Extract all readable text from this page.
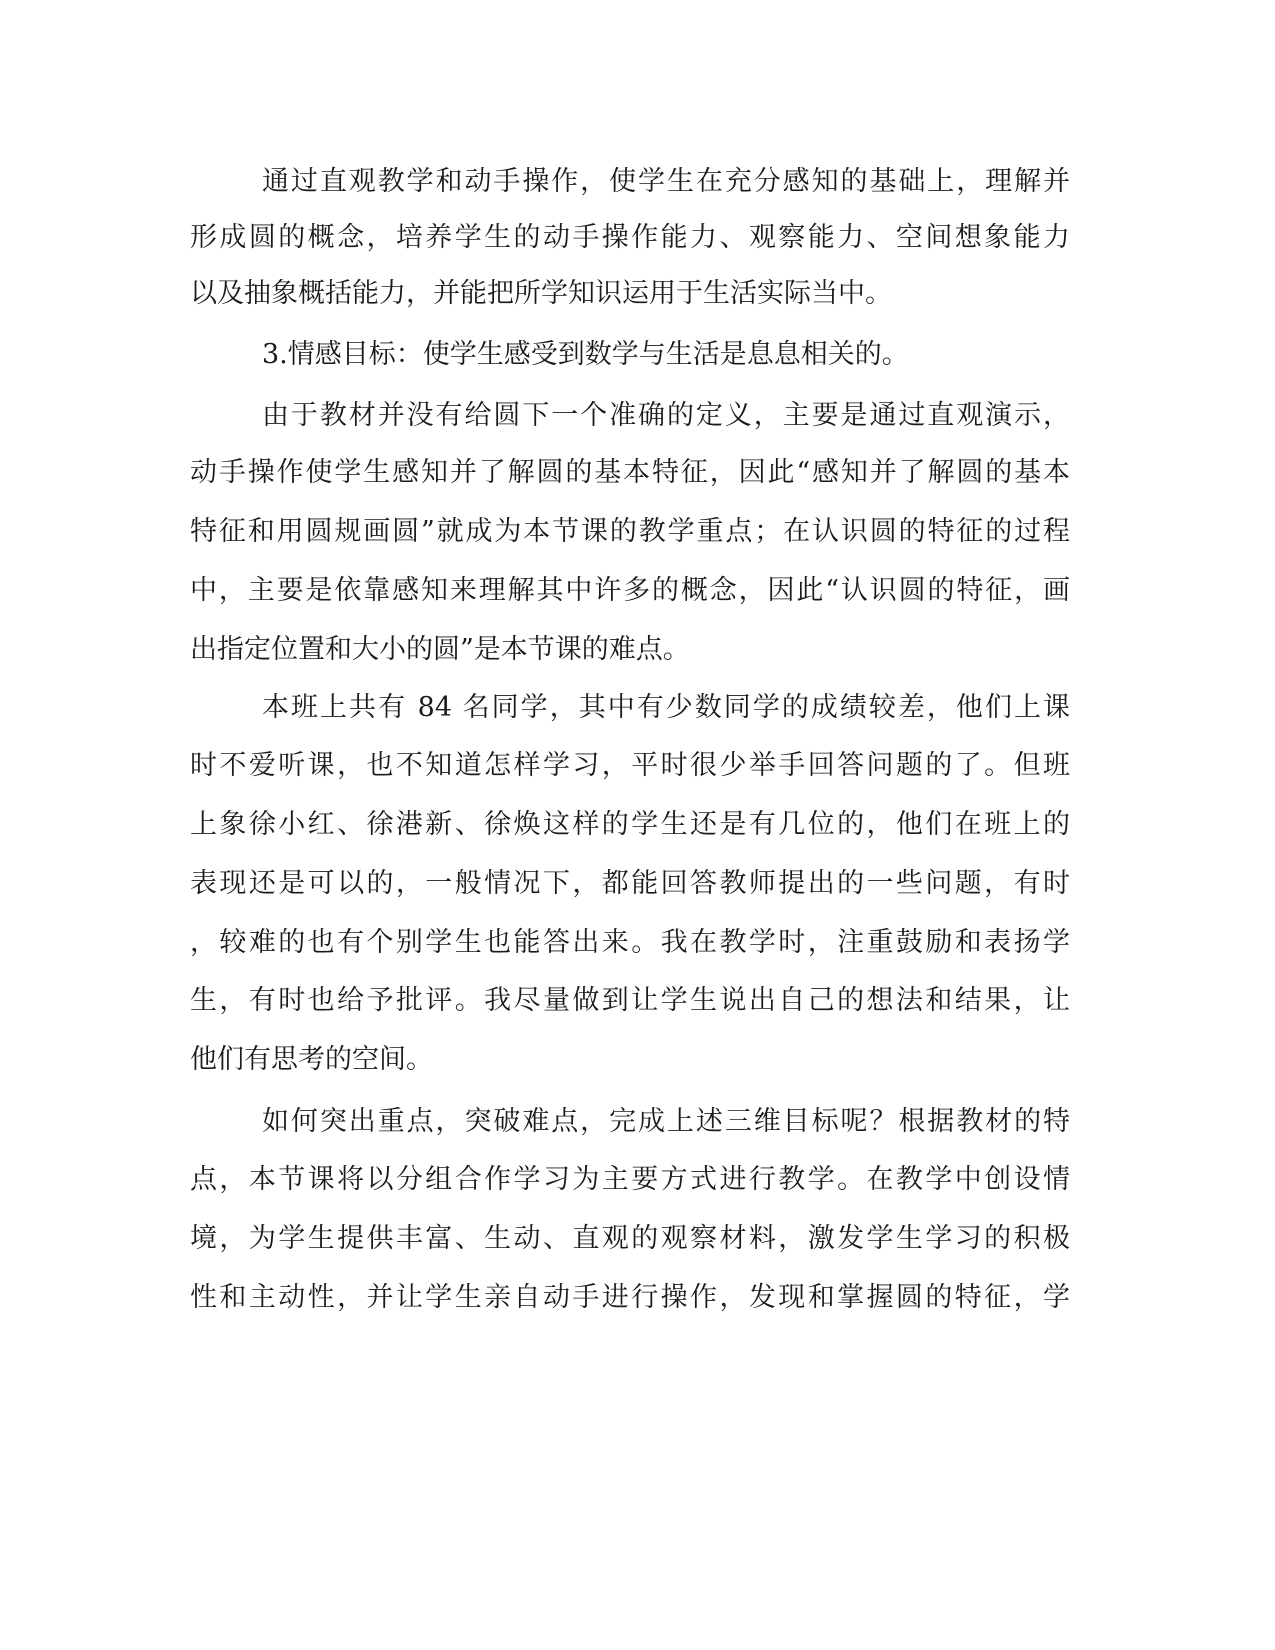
通过直观教学和动手操作，使学生在充分感知的基础上，理解并
形成圆的概念，培养学生的动手操作能力、观察能力、空间想象能力
以及抽象概括能力，并能把所学知识运用于生活实际当中。
3.情感目标：使学生感受到数学与生活是息息相关的。
由于教材并没有给圆下一个准确的定义，主要是通过直观演示，
动手操作使学生感知并了解圆的基本特征，因此“感知并了解圆的基本
特征和用圆规画圆”就成为本节课的教学重点；在认识圆的特征的过程
中，主要是依靠感知来理解其中许多的概念，因此“认识圆的特征，画
出指定位置和大小的圆”是本节课的难点。
本班上共有 84 名同学，其中有少数同学的成绩较差，他们上课
时不爱听课，也不知道怎样学习，平时很少举手回答问题的了。但班
上象徐小红、徐港新、徐焕这样的学生还是有几位的，他们在班上的
表现还是可以的，一般情况下，都能回答教师提出的一些问题，有时
，较难的也有个别学生也能答出来。我在教学时，注重鼓励和表扬学
生，有时也给予批评。我尽量做到让学生说出自己的想法和结果，让
他们有思考的空间。
如何突出重点，突破难点，完成上述三维目标呢？根据教材的特
点，本节课将以分组合作学习为主要方式进行教学。在教学中创设情
境，为学生提供丰富、生动、直观的观察材料，激发学生学习的积极
性和主动性，并让学生亲自动手进行操作，发现和掌握圆的特征，学
